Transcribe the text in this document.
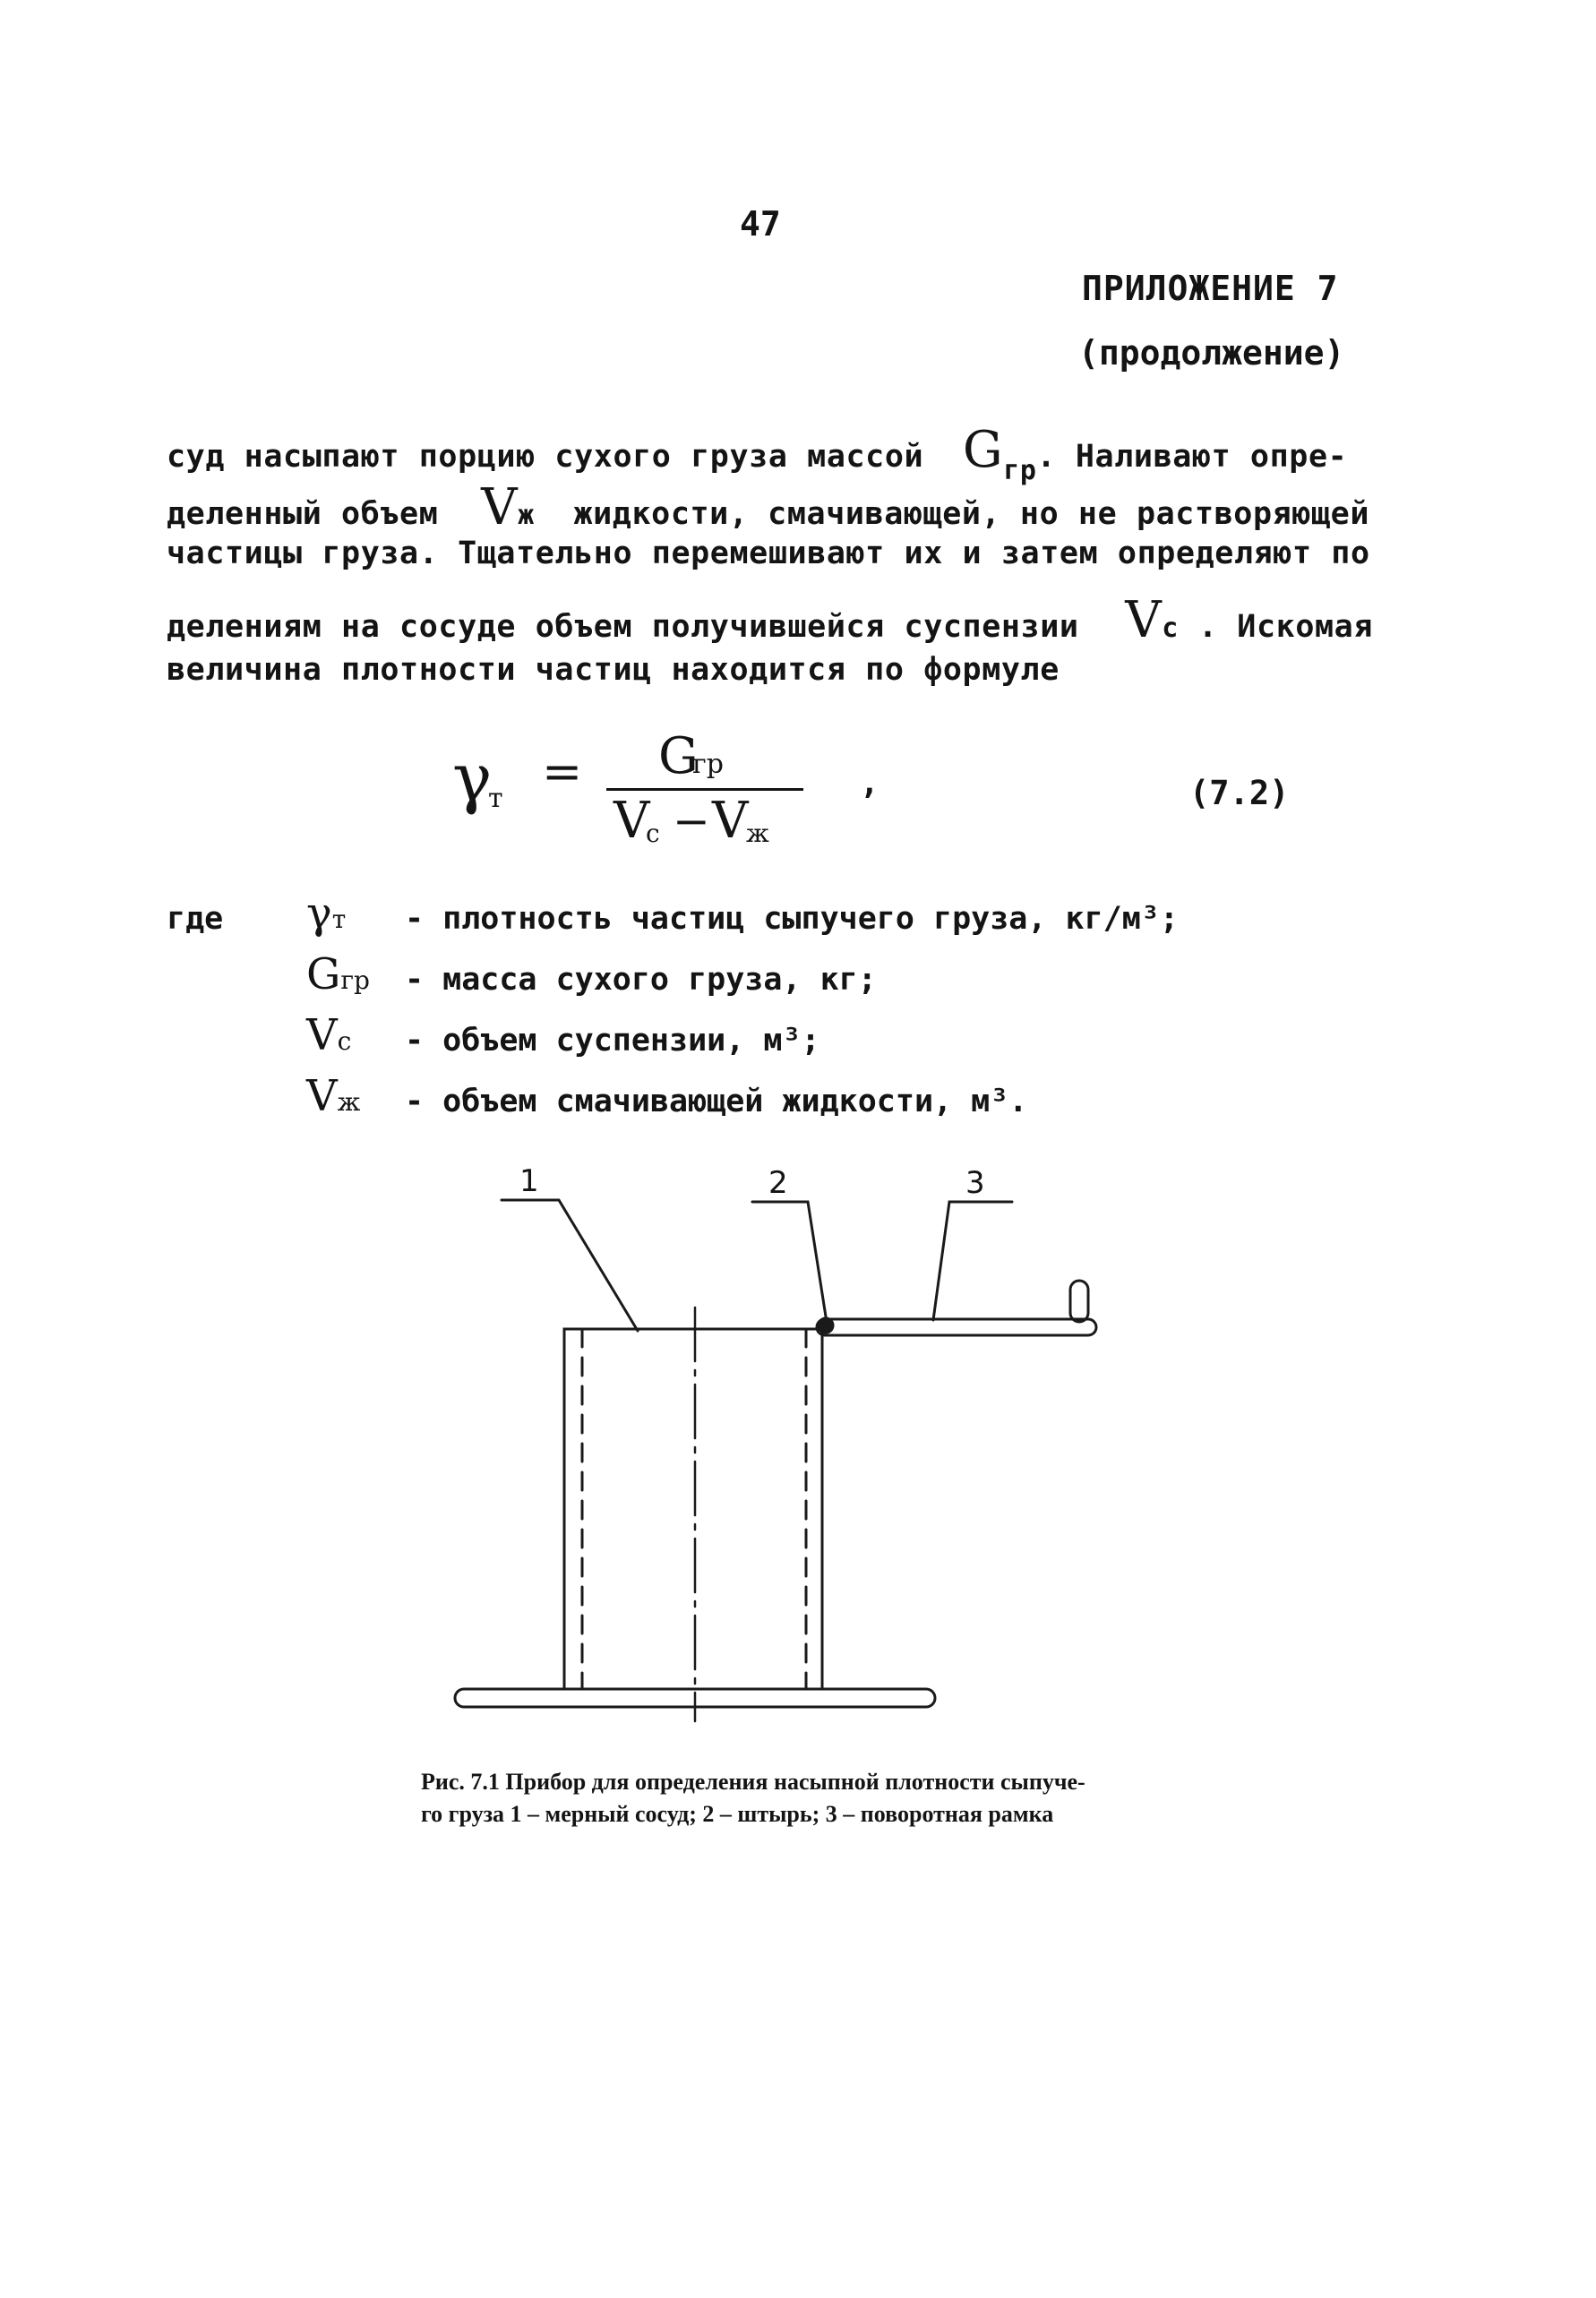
47
ПРИЛОЖЕНИЕ 7
(продолжение)
суд насыпают порцию сухого груза массой Gгр. Наливают опре-
деленный объем Vж жидкости, смачивающей, но не растворяющей
частицы груза. Тщательно перемешивают их и затем определяют по
делениям на сосуде объем получившейся суспензии Vc . Искомая
величина плотности частиц находится по формуле
γ
т = G
гр
V
c − V
ж
,	(7.2)
где γт - плотность частиц сыпучего груза, кг/м³;
Gгр - масса сухого груза, кг;
Vc - объем суспензии, м³;
Vж - объем смачивающей жидкости, м³.
1	2	3
Рис. 7.1 Прибор для определения насыпной плотности сыпуче-
го груза 1 – мерный сосуд; 2 – штырь; 3 – поворотная рамка
